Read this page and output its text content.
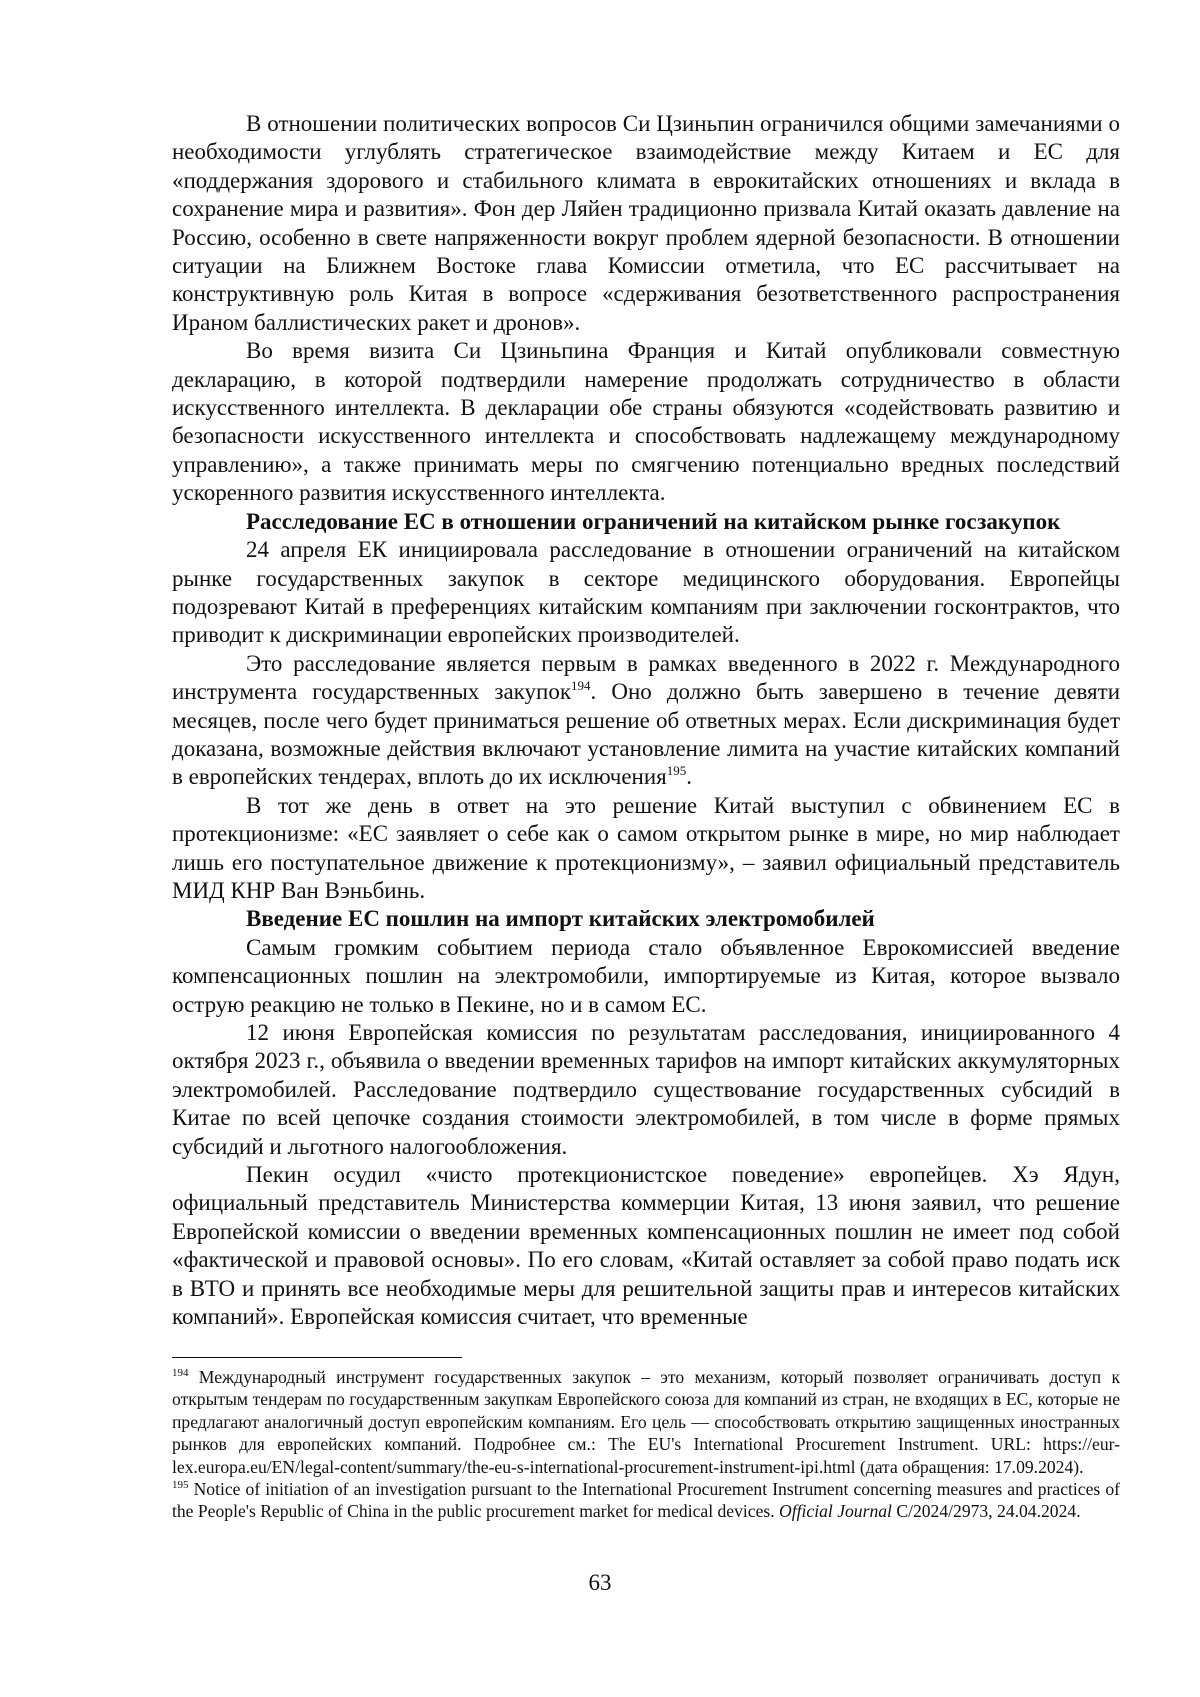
В отношении политических вопросов Си Цзиньпин ограничился общими замечаниями о необходимости углублять стратегическое взаимодействие между Китаем и ЕС для «поддержания здорового и стабильного климата в еврокитайских отношениях и вклада в сохранение мира и развития». Фон дер Ляйен традиционно призвала Китай оказать давление на Россию, особенно в свете напряженности вокруг проблем ядерной безопасности. В отношении ситуации на Ближнем Востоке глава Комиссии отметила, что ЕС рассчитывает на конструктивную роль Китая в вопросе «сдерживания безответственного распространения Ираном баллистических ракет и дронов».

Во время визита Си Цзиньпина Франция и Китай опубликовали совместную декларацию, в которой подтвердили намерение продолжать сотрудничество в области искусственного интеллекта. В декларации обе страны обязуются «содействовать развитию и безопасности искусственного интеллекта и способствовать надлежащему международному управлению», а также принимать меры по смягчению потенциально вредных последствий ускоренного развития искусственного интеллекта.

Расследование ЕС в отношении ограничений на китайском рынке госзакупок

24 апреля ЕК инициировала расследование в отношении ограничений на китайском рынке государственных закупок в секторе медицинского оборудования. Европейцы подозревают Китай в преференциях китайским компаниям при заключении госконтрактов, что приводит к дискриминации европейских производителей.

Это расследование является первым в рамках введенного в 2022 г. Международного инструмента государственных закупок$^{194}$. Оно должно быть завершено в течение девяти месяцев, после чего будет приниматься решение об ответных мерах. Если дискриминация будет доказана, возможные действия включают установление лимита на участие китайских компаний в европейских тендерах, вплоть до их исключения$^{195}$.

В тот же день в ответ на это решение Китай выступил с обвинением ЕС в протекционизме: «ЕС заявляет о себе как о самом открытом рынке в мире, но мир наблюдает лишь его поступательное движение к протекционизму», – заявил официальный представитель МИД КНР Ван Вэньбинь.

Введение ЕС пошлин на импорт китайских электромобилей

Самым громким событием периода стало объявленное Еврокомиссией введение компенсационных пошлин на электромобили, импортируемые из Китая, которое вызвало острую реакцию не только в Пекине, но и в самом ЕС.

12 июня Европейская комиссия по результатам расследования, инициированного 4 октября 2023 г., объявила о введении временных тарифов на импорт китайских аккумуляторных электромобилей. Расследование подтвердило существование государственных субсидий в Китае по всей цепочке создания стоимости электромобилей, в том числе в форме прямых субсидий и льготного налогообложения.

Пекин осудил «чисто протекционистское поведение» европейцев. Хэ Ядун, официальный представитель Министерства коммерции Китая, 13 июня заявил, что решение Европейской комиссии о введении временных компенсационных пошлин не имеет под собой «фактической и правовой основы». По его словам, «Китай оставляет за собой право подать иск в ВТО и принять все необходимые меры для решительной защиты прав и интересов китайских компаний». Европейская комиссия считает, что временные

$^{194}$ Международный инструмент государственных закупок – это механизм, который позволяет ограничивать доступ к открытым тендерам по государственным закупкам Европейского союза для компаний из стран, не входящих в ЕС, которые не предлагают аналогичный доступ европейским компаниям. Его цель — способствовать открытию защищенных иностранных рынков для европейских компаний. Подробнее см.: The EU's International Procurement Instrument. URL: https://eur-lex.europa.eu/EN/legal-content/summary/the-eu-s-international-procurement-instrument-ipi.html (дата обращения: 17.09.2024).

$^{195}$ Notice of initiation of an investigation pursuant to the International Procurement Instrument concerning measures and practices of the People's Republic of China in the public procurement market for medical devices. Official Journal C/2024/2973, 24.04.2024.

63
